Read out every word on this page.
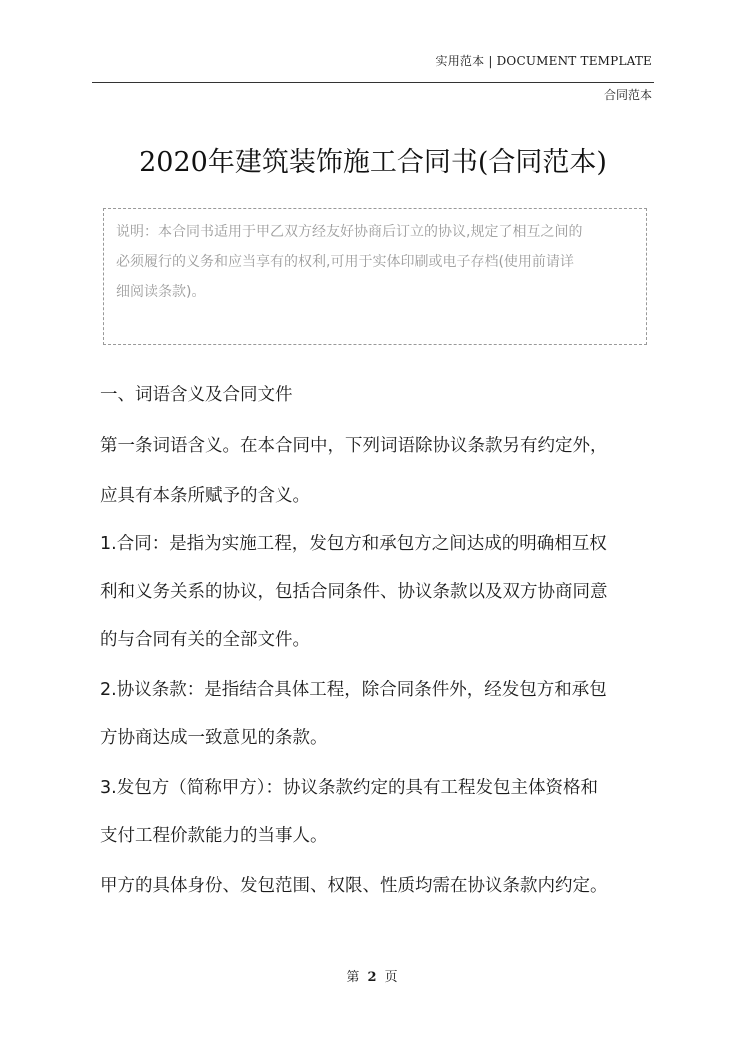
实用范本 | DOCUMENT TEMPLATE
合同范本
2020年建筑装饰施工合同书(合同范本)
说明：本合同书适用于甲乙双方经友好协商后订立的协议,规定了相互之间的
必须履行的义务和应当享有的权利,可用于实体印刷或电子存档(使用前请详
细阅读条款)。
一、词语含义及合同文件
第一条词语含义。在本合同中，下列词语除协议条款另有约定外，
应具有本条所赋予的含义。
1.合同：是指为实施工程，发包方和承包方之间达成的明确相互权
利和义务关系的协议，包括合同条件、协议条款以及双方协商同意
的与合同有关的全部文件。
2.协议条款：是指结合具体工程，除合同条件外，经发包方和承包
方协商达成一致意见的条款。
3.发包方（简称甲方）：协议条款约定的具有工程发包主体资格和
支付工程价款能力的当事人。
甲方的具体身份、发包范围、权限、性质均需在协议条款内约定。
第 2 页
